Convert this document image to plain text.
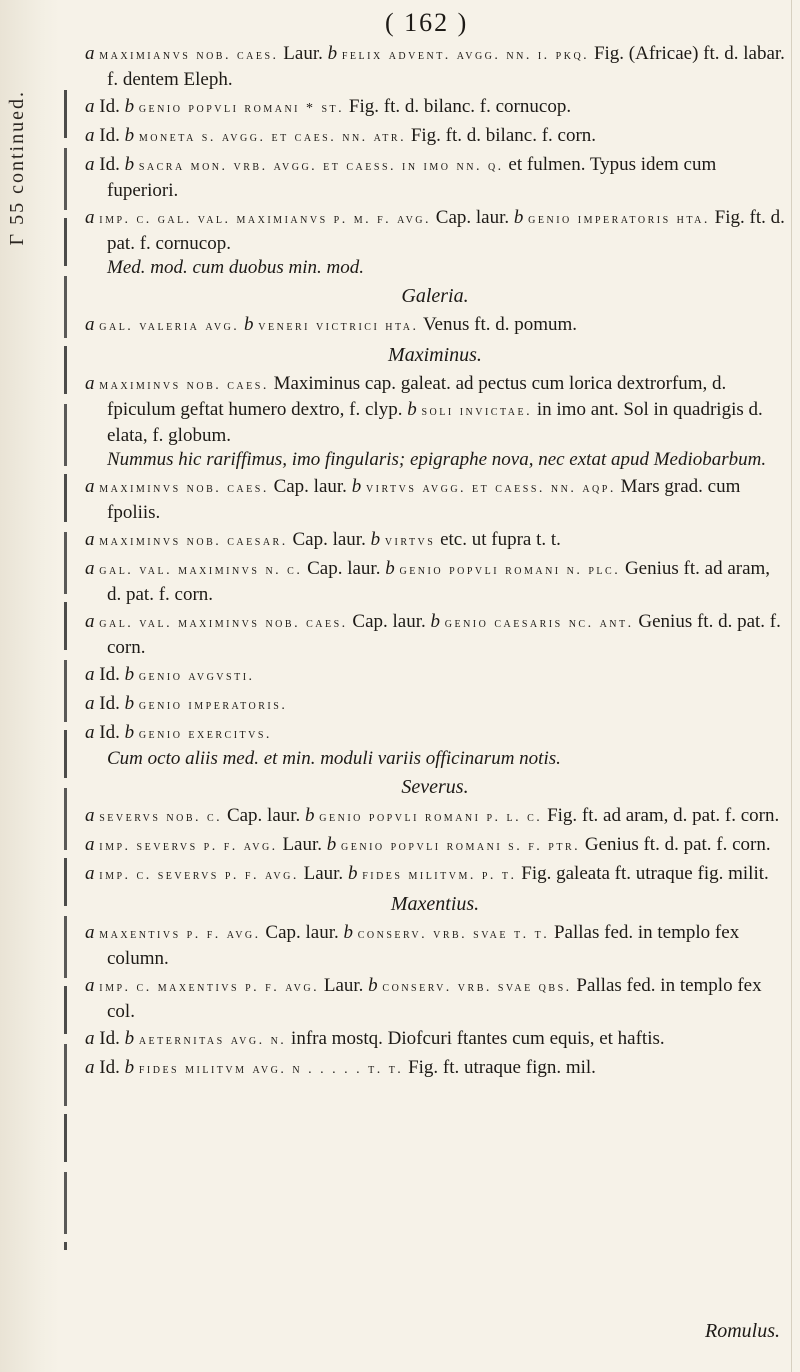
Γ 55 continued.
( 162 )
a maximianvs nob. caes. Laur. b felix advent. avgg. nn. i. pkq. Fig. (Africae) ft. d. labar. f. dentem Eleph.
a Id. b genio popvli romani * st. Fig. ft. d. bilanc. f. cornucop.
a Id. b moneta s. avgg. et caes. nn. atr. Fig. ft. d. bilanc. f. corn.
a Id. b sacra mon. vrb. avgg. et caess. in imo nn. q. et fulmen. Typus idem cum fuperiori.
a imp. c. gal. val. maximianvs p. m. f. avg. Cap. laur. b genio imperatoris hta. Fig. ft. d. pat. f. cornucop.
Med. mod. cum duobus min. mod.
Galeria.
a gal. valeria avg. b veneri victrici hta. Venus ft. d. pomum.
Maximinus.
a maximinvs nob. caes. Maximinus cap. galeat. ad pectus cum lorica dextrorfum, d. fpiculum geftat humero dextro, f. clyp. b soli invictae. in imo ant. Sol in quadrigis d. elata, f. globum.
Nummus hic rariffimus, imo fingularis; epigraphe nova, nec extat apud Mediobarbum.
a maximinvs nob. caes. Cap. laur. b virtvs avgg. et caess. nn. aqp. Mars grad. cum fpoliis.
a maximinvs nob. caesar. Cap. laur. b virtvs etc. ut fupra t. t.
a gal. val. maximinvs n. c. Cap. laur. b genio popvli romani n. plc. Genius ft. ad aram, d. pat. f. corn.
a gal. val. maximinvs nob. caes. Cap. laur. b genio caesaris nc. ant. Genius ft. d. pat. f. corn.
a Id. b genio avgvsti.
a Id. b genio imperatoris.
a Id. b genio exercitvs.
Cum octo aliis med. et min. moduli variis officinarum notis.
Severus.
a severvs nob. c. Cap. laur. b genio popvli romani p. l. c. Fig. ft. ad aram, d. pat. f. corn.
a imp. severvs p. f. avg. Laur. b genio popvli romani s. f. ptr. Genius ft. d. pat. f. corn.
a imp. c. severvs p. f. avg. Laur. b fides militvm. p. t. Fig. galeata ft. utraque fig. milit.
Maxentius.
a maxentivs p. f. avg. Cap. laur. b conserv. vrb. svae t. t. Pallas fed. in templo fex column.
a imp. c. maxentivs p. f. avg. Laur. b conserv. vrb. svae qbs. Pallas fed. in templo fex col.
a Id. b aeternitas avg. n. infra mostq. Diofcuri ftantes cum equis, et haftis.
a Id. b fides militvm avg. n . . . . . t. t. Fig. ft. utraque fign. mil.
Romulus.
